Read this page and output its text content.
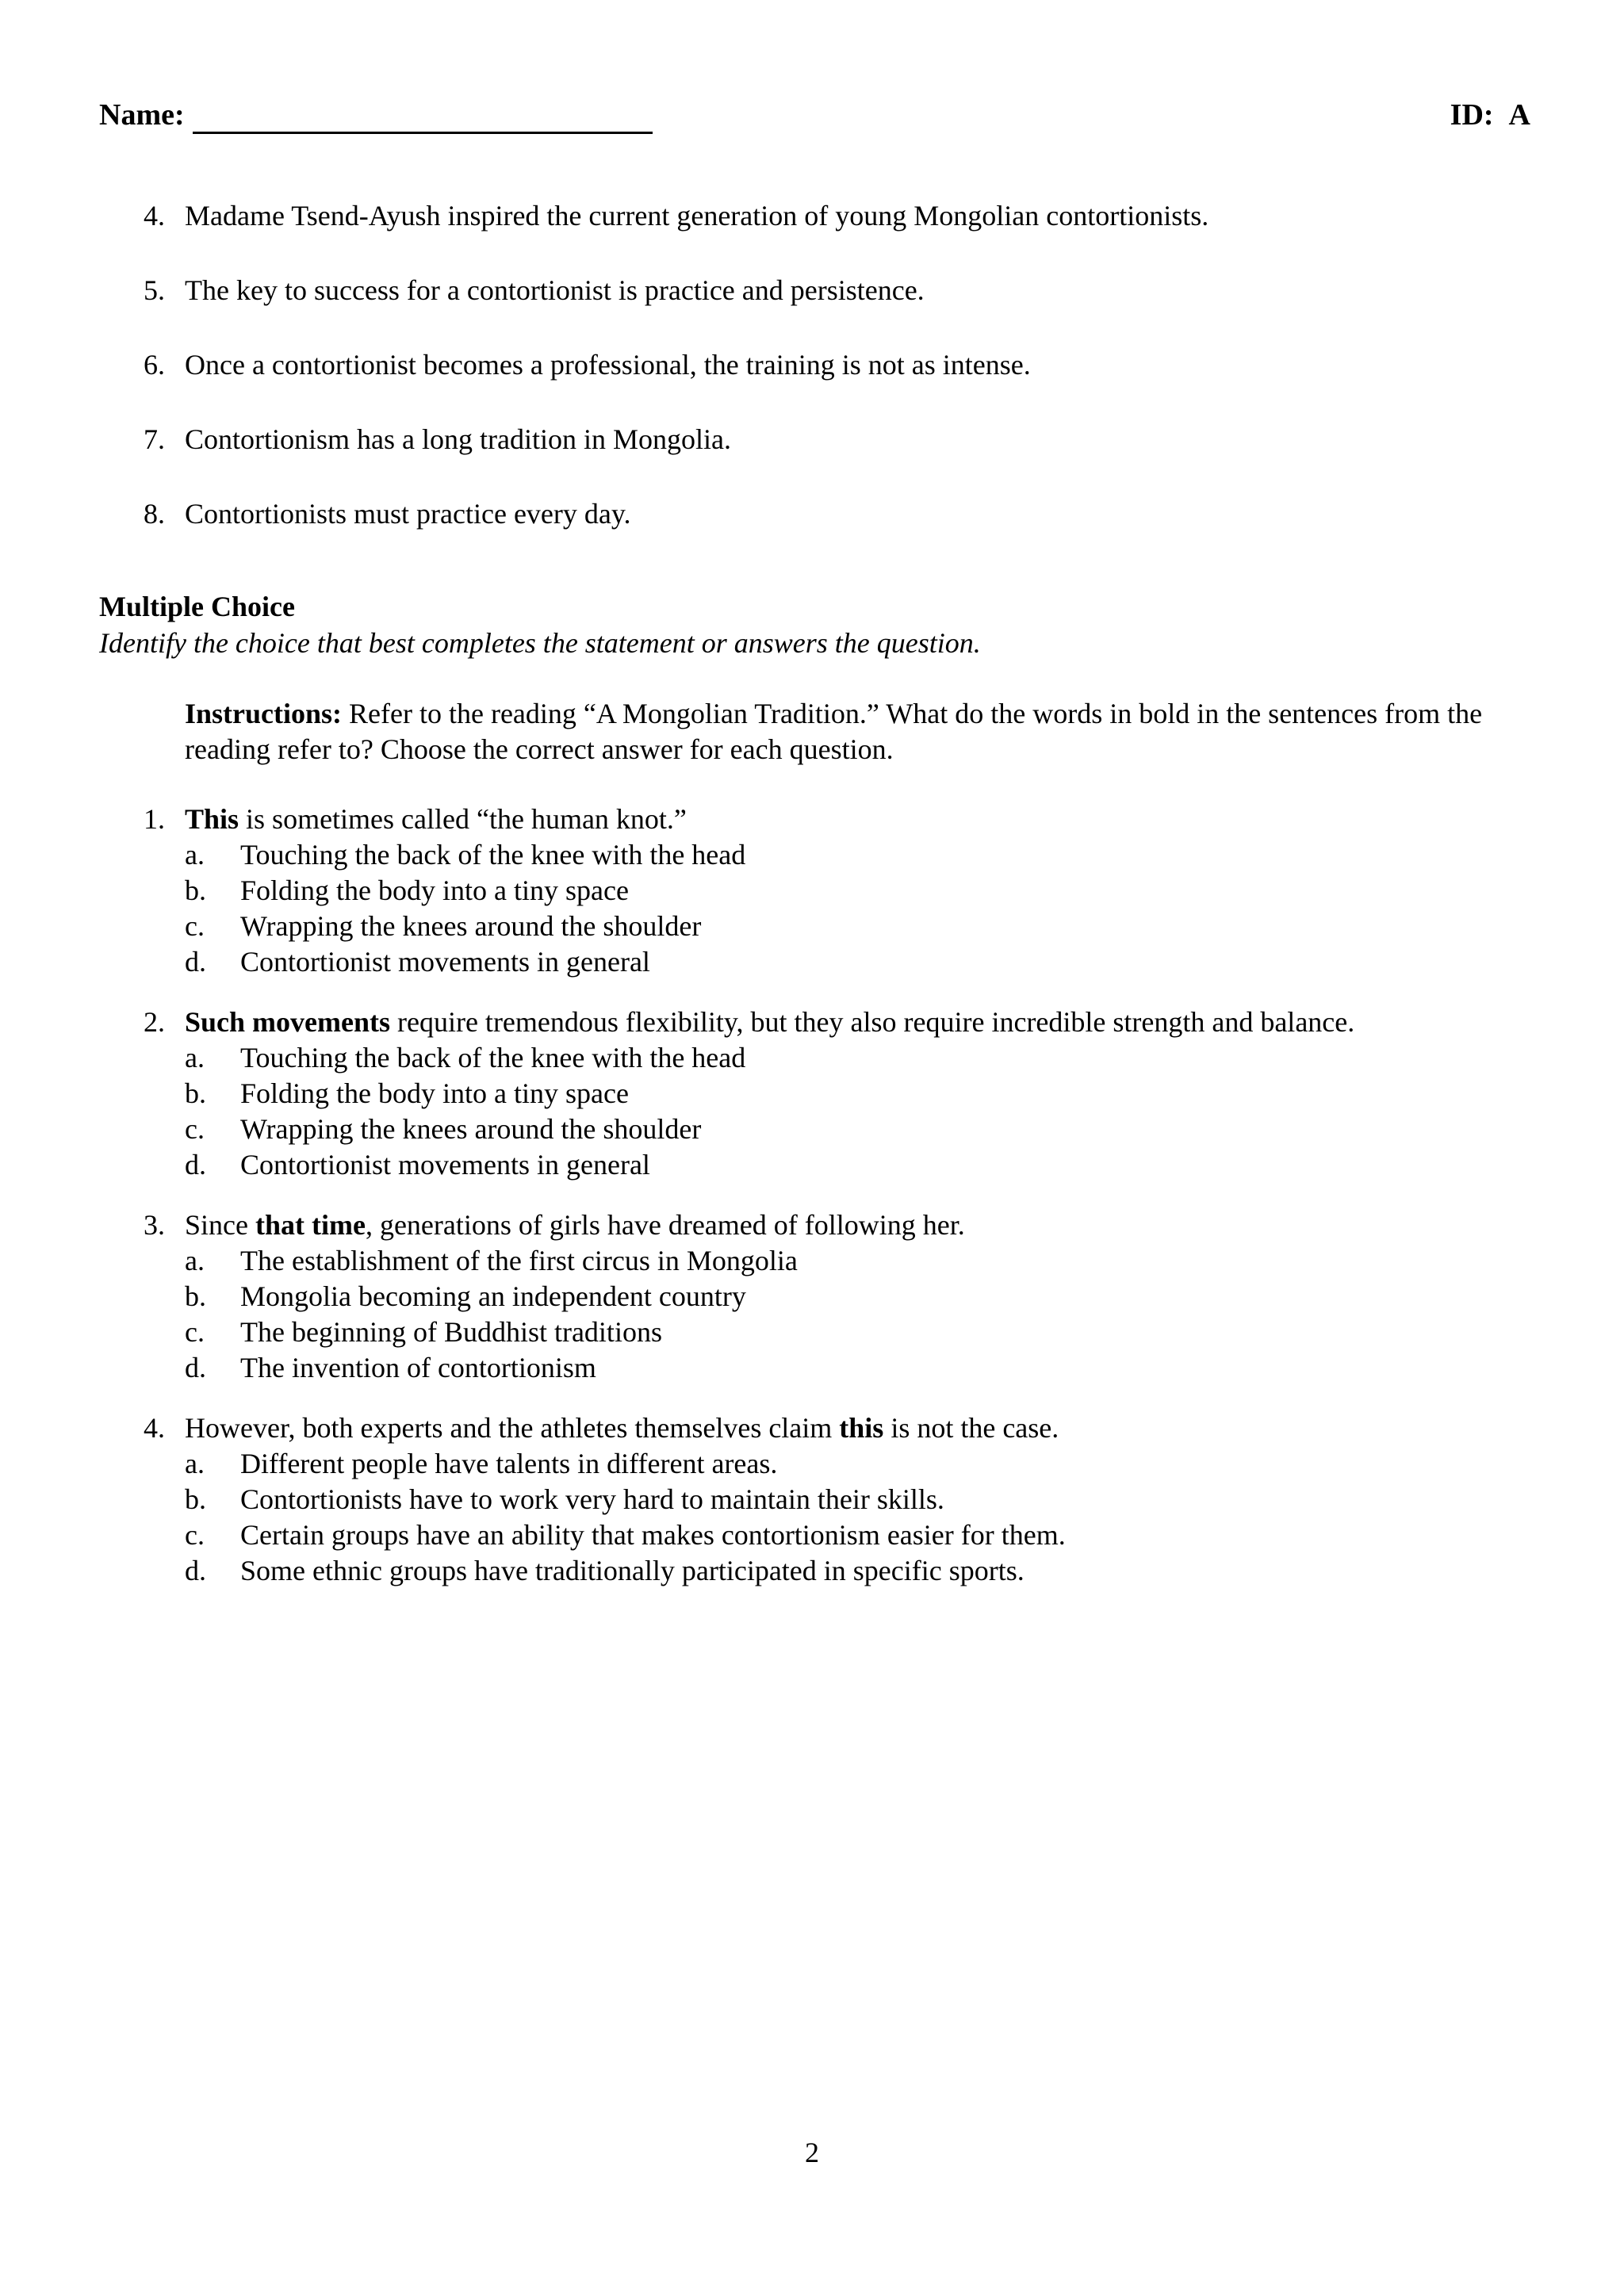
Name:	ID: A
4. Madame Tsend-Ayush inspired the current generation of young Mongolian contortionists.
5. The key to success for a contortionist is practice and persistence.
6. Once a contortionist becomes a professional, the training is not as intense.
7. Contortionism has a long tradition in Mongolia.
8. Contortionists must practice every day.
Multiple Choice
Identify the choice that best completes the statement or answers the question.
Instructions: Refer to the reading “A Mongolian Tradition.” What do the words in bold in the sentences from the reading refer to? Choose the correct answer for each question.
1. This is sometimes called “the human knot.”
a. Touching the back of the knee with the head
b. Folding the body into a tiny space
c. Wrapping the knees around the shoulder
d. Contortionist movements in general
2. Such movements require tremendous flexibility, but they also require incredible strength and balance.
a. Touching the back of the knee with the head
b. Folding the body into a tiny space
c. Wrapping the knees around the shoulder
d. Contortionist movements in general
3. Since that time, generations of girls have dreamed of following her.
a. The establishment of the first circus in Mongolia
b. Mongolia becoming an independent country
c. The beginning of Buddhist traditions
d. The invention of contortionism
4. However, both experts and the athletes themselves claim this is not the case.
a. Different people have talents in different areas.
b. Contortionists have to work very hard to maintain their skills.
c. Certain groups have an ability that makes contortionism easier for them.
d. Some ethnic groups have traditionally participated in specific sports.
2
